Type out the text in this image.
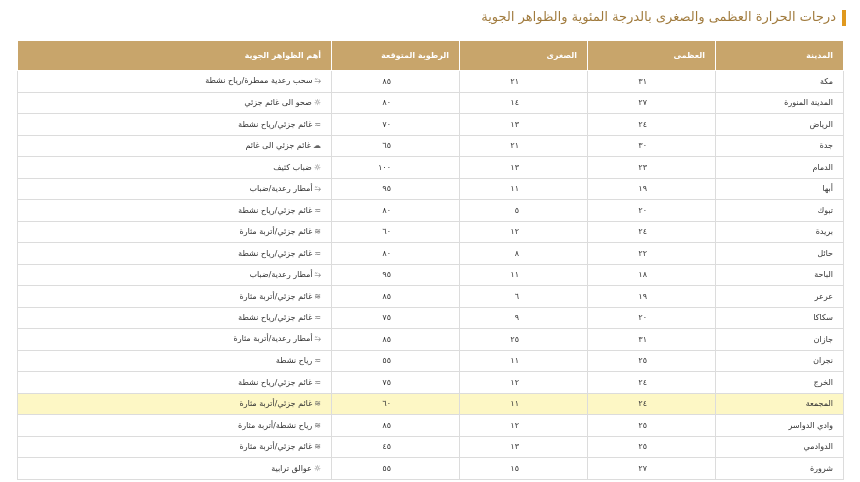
درجات الحرارة العظمى والصغرى بالدرجة المئوية والظواهر الجوية
المدينة	العظمى	الصغرى	الرطوبة المتوقعة	أهم الظواهر الجوية
مكة	٣١	٢١	٨٥	⥲سحب رعدية ممطرة/رياح نشطة
المدينة المنورة	٢٧	١٤	٨٠	☼صحو الى غائم جزئي
الرياض	٢٤	١٣	٧٠	≂غائم جزئي/رياح نشطة
جدة	٣٠	٢١	٦٥	☁غائم جزئي الى غائم
الدمام	٢٣	١٣	١٠٠	☼ضباب كثيف
أبها	١٩	١١	٩٥	⥲أمطار رعدية/ضباب
تبوك	٢٠	٥	٨٠	≂غائم جزئي/رياح نشطة
بريدة	٢٤	١٢	٦٠	≋غائم جزئي/أتربة مثارة
حائل	٢٢	٨	٨٠	≂غائم جزئي/رياح نشطة
الباحة	١٨	١١	٩٥	⥲أمطار رعدية/ضباب
عرعر	١٩	٦	٨٥	≋غائم جزئي/أتربة مثارة
سكاكا	٢٠	٩	٧٥	≂غائم جزئي/رياح نشطة
جازان	٣١	٢٥	٨٥	⥲أمطار رعدية/أتربة مثارة
نجران	٢٥	١١	٥٥	≂رياح نشطة
الخرج	٢٤	١٢	٧٥	≂غائم جزئي/رياح نشطة
المجمعة	٢٤	١١	٦٠	≋غائم جزئي/أتربة مثارة
وادي الدواسر	٢٥	١٢	٨٥	≋رياح نشطة/أتربة مثارة
الدوادمي	٢٥	١٣	٤٥	≋غائم جزئي/أتربة مثارة
شرورة	٢٧	١٥	٥٥	☼عوالق ترابية
